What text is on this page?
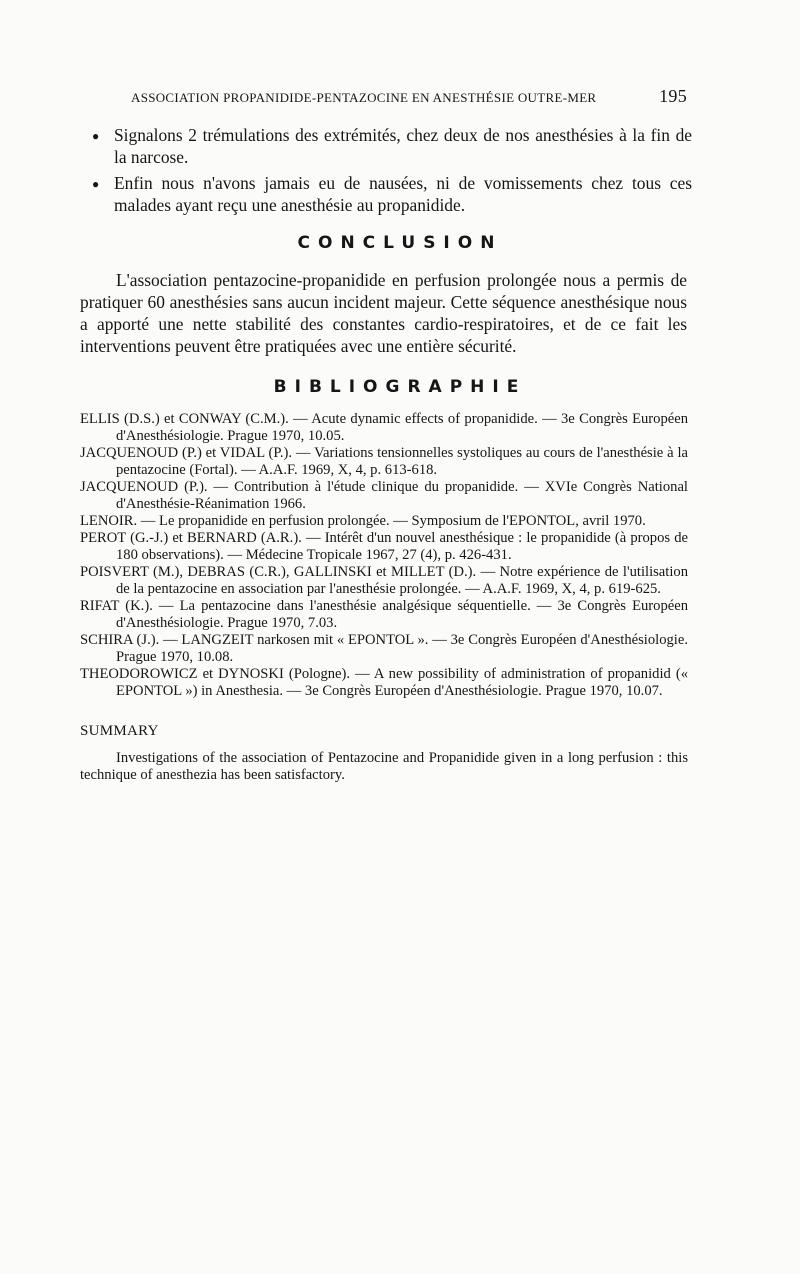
ASSOCIATION PROPANIDIDE-PENTAZOCINE EN ANESTHÉSIE OUTRE-MER	195
● Signalons 2 trémulations des extrémités, chez deux de nos anesthésies à la fin de la narcose.
● Enfin nous n'avons jamais eu de nausées, ni de vomissements chez tous ces malades ayant reçu une anesthésie au propanidide.
CONCLUSION

L'association pentazocine-propanidide en perfusion prolongée nous a permis de pratiquer 60 anesthésies sans aucun incident majeur. Cette séquence anesthésique nous a apporté une nette stabilité des constantes cardio-respiratoires, et de ce fait les interventions peuvent être pratiquées avec une entière sécurité.

BIBLIOGRAPHIE
ELLIS (D.S.) et CONWAY (C.M.). — Acute dynamic effects of propanidide. — 3e Congrès Européen d'Anesthésiologie. Prague 1970, 10.05.
JACQUENOUD (P.) et VIDAL (P.). — Variations tensionnelles systoliques au cours de l'anesthésie à la pentazocine (Fortal). — A.A.F. 1969, X, 4, p. 613-618.
JACQUENOUD (P.). — Contribution à l'étude clinique du propanidide. — XVIe Congrès National d'Anesthésie-Réanimation 1966.
LENOIR. — Le propanidide en perfusion prolongée. — Symposium de l'EPONTOL, avril 1970.
PEROT (G.-J.) et BERNARD (A.R.). — Intérêt d'un nouvel anesthésique : le propanidide (à propos de 180 observations). — Médecine Tropicale 1967, 27 (4), p. 426-431.
POISVERT (M.), DEBRAS (C.R.), GALLINSKI et MILLET (D.). — Notre expérience de l'utilisation de la pentazocine en association par l'anesthésie prolongée. — A.A.F. 1969, X, 4, p. 619-625.
RIFAT (K.). — La pentazocine dans l'anesthésie analgésique séquentielle. — 3e Congrès Européen d'Anesthésiologie. Prague 1970, 7.03.
SCHIRA (J.). — LANGZEIT narkosen mit « EPONTOL ». — 3e Congrès Européen d'Anesthésiologie. Prague 1970, 10.08.
THEODOROWICZ et DYNOSKI (Pologne). — A new possibility of administration of propanidid (« EPONTOL ») in Anesthesia. — 3e Congrès Européen d'Anesthésiologie. Prague 1970, 10.07.
SUMMARY

Investigations of the association of Pentazocine and Propanidide given in a long perfusion : this technique of anesthezia has been satisfactory.
